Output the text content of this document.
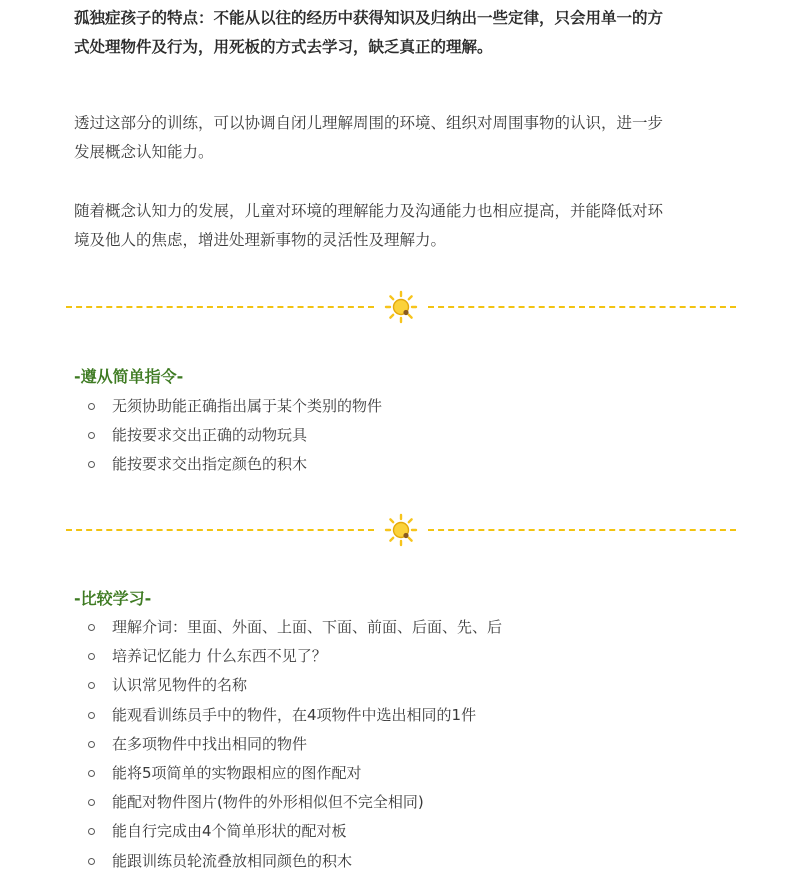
孤独症孩子的特点：不能从以往的经历中获得知识及归纳出一些定律，只会用单一的方
式处理物件及行为，用死板的方式去学习，缺乏真正的理解。
透过这部分的训练，可以协调自闭儿理解周围的环境、组织对周围事物的认识，进一步
发展概念认知能力。
随着概念认知力的发展，儿童对环境的理解能力及沟通能力也相应提高，并能降低对环
境及他人的焦虑，增进处理新事物的灵活性及理解力。
-遵从简单指令-
无须协助能正确指出属于某个类别的物件
能按要求交出正确的动物玩具
能按要求交出指定颜色的积木
-比较学习-
理解介词：里面、外面、上面、下面、前面、后面、先、后
培养记忆能力 什么东西不见了？
认识常见物件的名称
能观看训练员手中的物件，在4项物件中选出相同的1件
在多项物件中找出相同的物件
能将5项简单的实物跟相应的图作配对
能配对物件图片(物件的外形相似但不完全相同)
能自行完成由4个简单形状的配对板
能跟训练员轮流叠放相同颜色的积木
